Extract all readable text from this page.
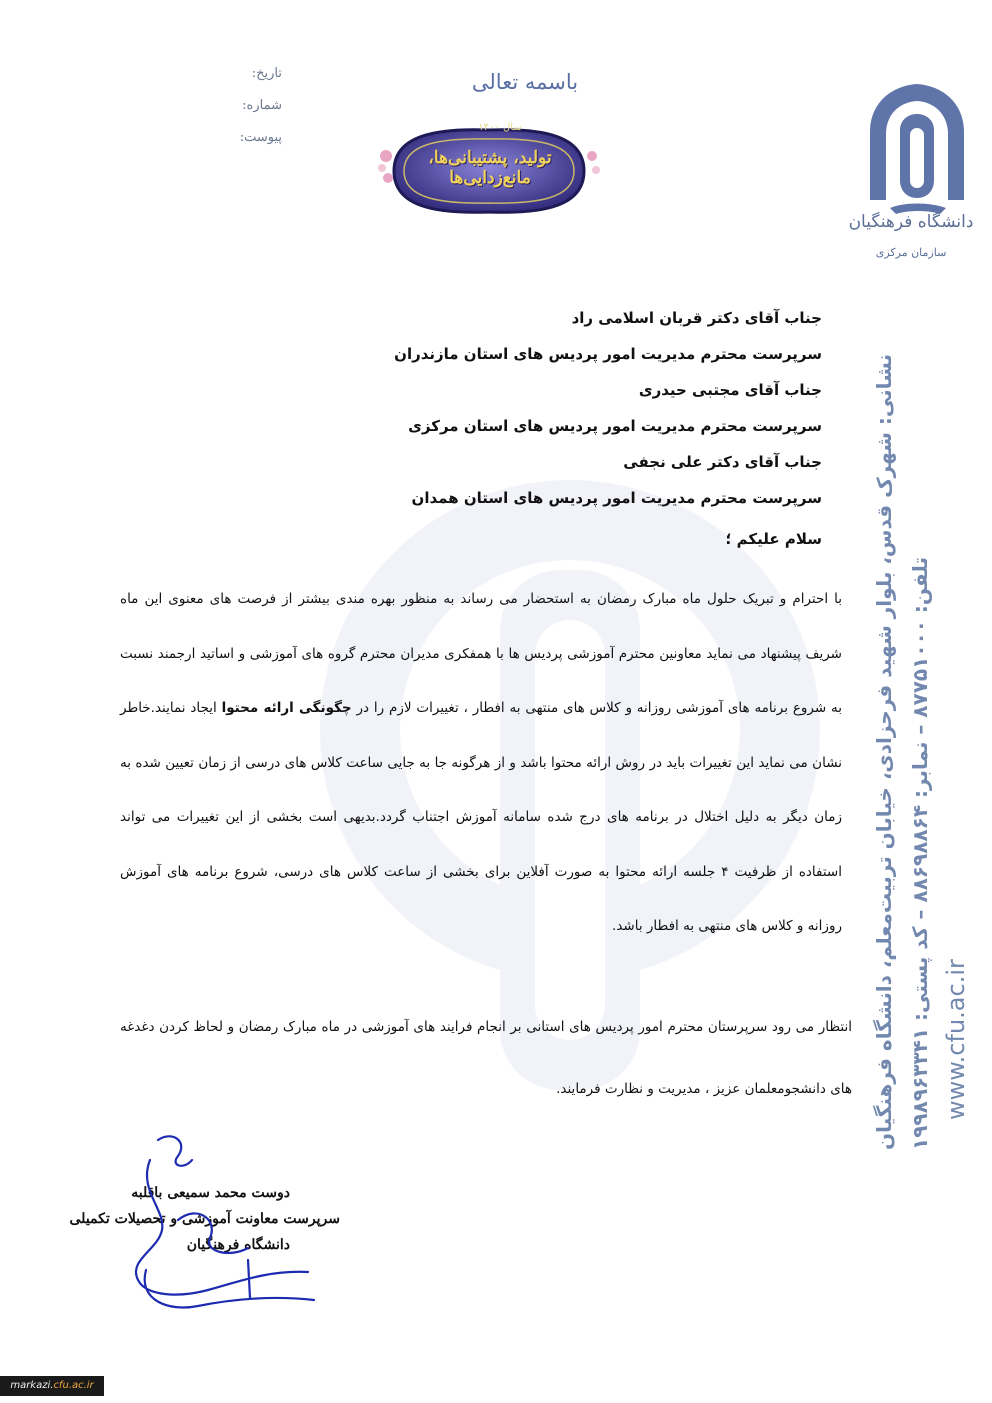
تاریخ:
شماره:
پیوست:
باسمه تعالی
سال ۱۴۰۰
تولید، پشتیبانی‌ها، مانع‌زدایی‌ها
دانشگاه فرهنگیان
سازمان مرکزی
نشانی: شهرک قدس، بلوار شهید فرحزادی، خیابان تربیت‌معلم، دانشگاه فرهنگیان تلفن: ۸۷۷۵۱۰۰۰ – نمابر: ۸۸۶۹۸۸۶۴ – کد پستی: ۱۹۹۸۹۶۳۳۴۱
www.cfu.ac.ir
جناب آقای دکتر قربان اسلامی راد
سرپرست محترم مدیریت امور پردیس های استان مازندران
جناب آقای مجتبی حیدری
سرپرست محترم مدیریت امور پردیس های استان مرکزی
جناب آقای دکتر علی نجفی
سرپرست محترم مدیریت امور پردیس های استان همدان
سلام علیکم ؛
با احترام و تبریک حلول ماه مبارک رمضان به استحضار می رساند به منظور بهره مندی بیشتر از فرصت های معنوی این ماه شریف پیشنهاد می نماید معاونین محترم آموزشی پردیس ها با همفکری مدیران محترم گروه های آموزشی و اساتید ارجمند نسبت به شروع برنامه های آموزشی روزانه و کلاس های منتهی به افطار ، تغییرات لازم را در چگونگی ارائه محتوا ایجاد نمایند.خاطر نشان می نماید این تغییرات باید در روش ارائه محتوا باشد و از هرگونه جا به جایی ساعت کلاس های درسی از زمان تعیین شده به زمان دیگر به دلیل اختلال در برنامه های درج شده سامانه آموزش اجتناب گردد.بدیهی است بخشی از این تغییرات می تواند استفاده از ظرفیت ۴ جلسه ارائه محتوا به صورت آفلاین برای بخشی از ساعت کلاس های درسی، شروع برنامه های آموزش روزانه و کلاس های منتهی به افطار باشد.
انتظار می رود سرپرستان محترم امور پردیس های استانی بر انجام فرایند های آموزشی در ماه مبارک رمضان و لحاظ کردن دغدغه های دانشجومعلمان عزیز ، مدیریت و نظارت فرمایند.
دوست محمد سمیعی باقلبه
سرپرست معاونت آموزشی و تحصیلات تکمیلی
دانشگاه فرهنگیان
markazi.cfu.ac.ir
